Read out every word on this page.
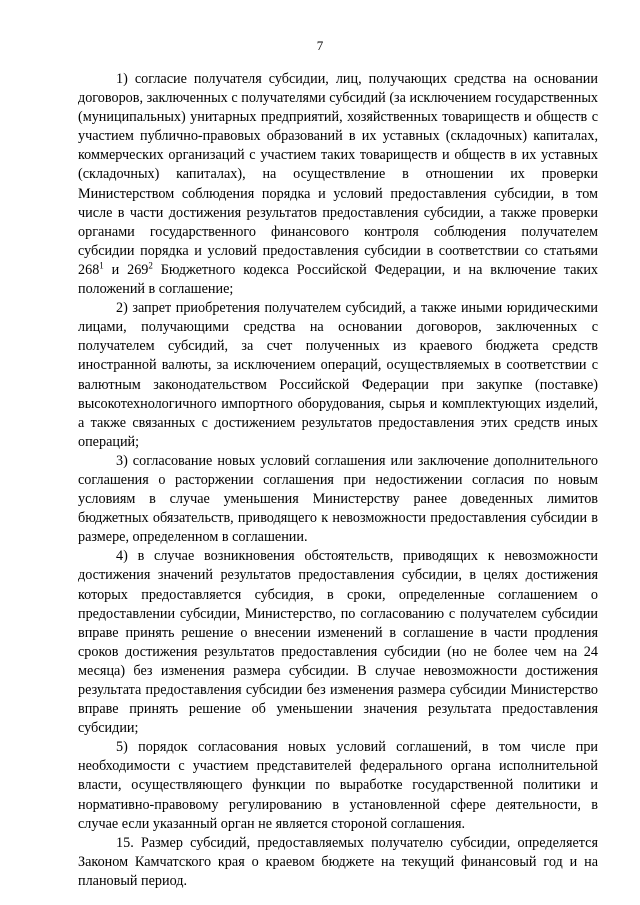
7

1) согласие получателя субсидии, лиц, получающих средства на основании договоров, заключенных с получателями субсидий (за исключением государственных (муниципальных) унитарных предприятий, хозяйственных товариществ и обществ с участием публично-правовых образований в их уставных (складочных) капиталах, коммерческих организаций с участием таких товариществ и обществ в их уставных (складочных) капиталах), на осуществление в отношении их проверки Министерством соблюдения порядка и условий предоставления субсидии, в том числе в части достижения результатов предоставления субсидии, а также проверки органами государственного финансового контроля соблюдения получателем субсидии порядка и условий предоставления субсидии в соответствии со статьями $268^1$ и $269^2$ Бюджетного кодекса Российской Федерации, и на включение таких положений в соглашение;

2) запрет приобретения получателем субсидий, а также иными юридическими лицами, получающими средства на основании договоров, заключенных с получателем субсидий, за счет полученных из краевого бюджета средств иностранной валюты, за исключением операций, осуществляемых в соответствии с валютным законодательством Российской Федерации при закупке (поставке) высокотехнологичного импортного оборудования, сырья и комплектующих изделий, а также связанных с достижением результатов предоставления этих средств иных операций;

3) согласование новых условий соглашения или заключение дополнительного соглашения о расторжении соглашения при недостижении согласия по новым условиям в случае уменьшения Министерству ранее доведенных лимитов бюджетных обязательств, приводящего к невозможности предоставления субсидии в размере, определенном в соглашении.

4) в случае возникновения обстоятельств, приводящих к невозможности достижения значений результатов предоставления субсидии, в целях достижения которых предоставляется субсидия, в сроки, определенные соглашением о предоставлении субсидии, Министерство, по согласованию с получателем субсидии вправе принять решение о внесении изменений в соглашение в части продления сроков достижения результатов предоставления субсидии (но не более чем на 24 месяца) без изменения размера субсидии. В случае невозможности достижения результата предоставления субсидии без изменения размера субсидии Министерство вправе принять решение об уменьшении значения результата предоставления субсидии;

5) порядок согласования новых условий соглашений, в том числе при необходимости с участием представителей федерального органа исполнительной власти, осуществляющего функции по выработке государственной политики и нормативно-правовому регулированию в установленной сфере деятельности, в случае если указанный орган не является стороной соглашения.

15. Размер субсидий, предоставляемых получателю субсидии, определяется Законом Камчатского края о краевом бюджете на текущий финансовый год и на плановый период.
